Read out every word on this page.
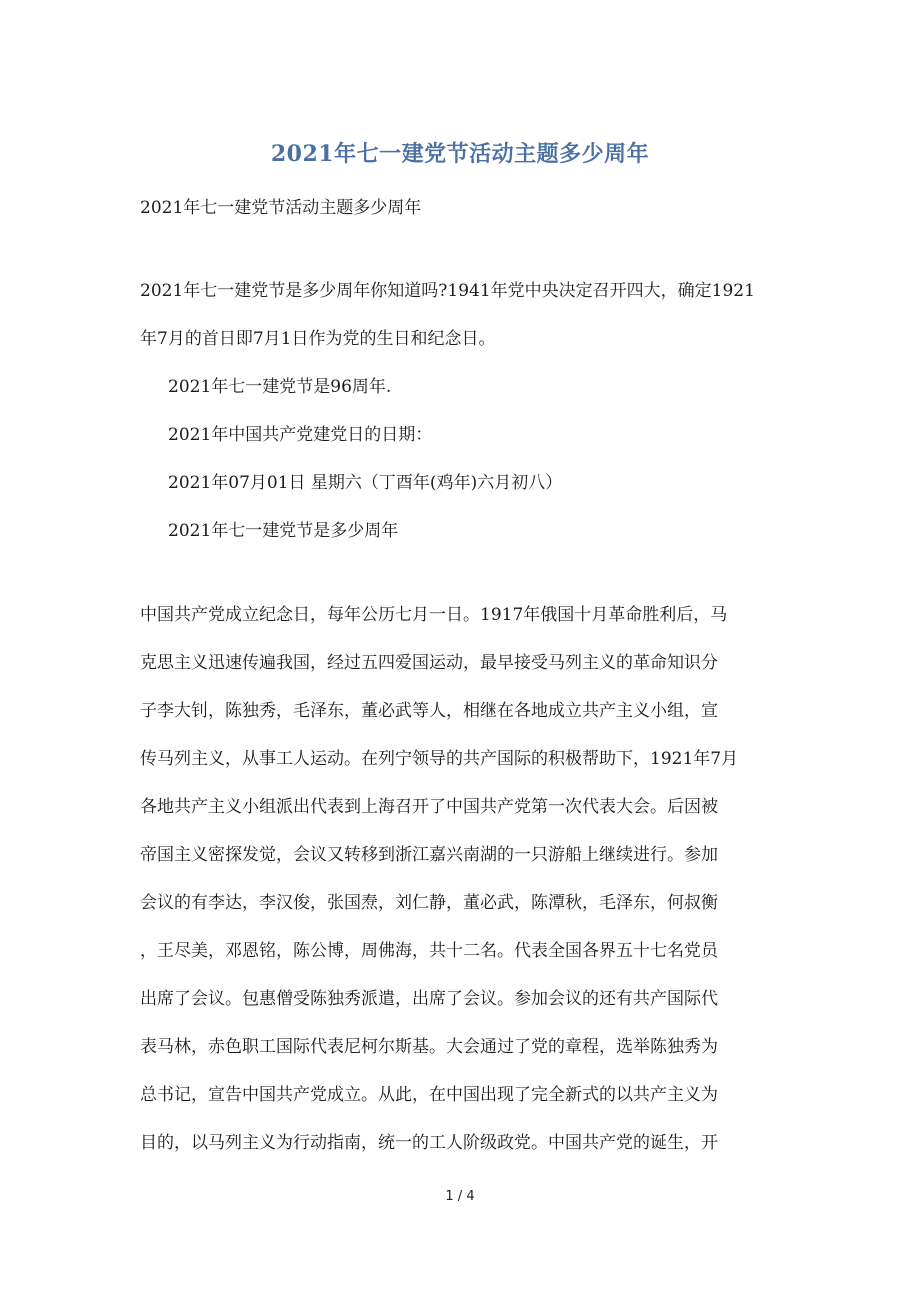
2021年七一建党节活动主题多少周年
2021年七一建党节活动主题多少周年
2021年七一建党节是多少周年你知道吗?1941年党中央决定召开四大，确定1921
年7月的首日即7月1日作为党的生日和纪念日。
2021年七一建党节是96周年.
2021年中国共产党建党日的日期：
2021年07月01日 星期六（丁酉年(鸡年)六月初八）
2021年七一建党节是多少周年
中国共产党成立纪念日，每年公历七月一日。1917年俄国十月革命胜利后，马
克思主义迅速传遍我国，经过五四爱国运动，最早接受马列主义的革命知识分
子李大钊，陈独秀，毛泽东，董必武等人，相继在各地成立共产主义小组，宣
传马列主义，从事工人运动。在列宁领导的共产国际的积极帮助下，1921年7月
各地共产主义小组派出代表到上海召开了中国共产党第一次代表大会。后因被
帝国主义密探发觉，会议又转移到浙江嘉兴南湖的一只游船上继续进行。参加
会议的有李达，李汉俊，张国焘，刘仁静，董必武，陈潭秋，毛泽东，何叔衡
，王尽美，邓恩铭，陈公博，周佛海，共十二名。代表全国各界五十七名党员
出席了会议。包惠僧受陈独秀派遣，出席了会议。参加会议的还有共产国际代
表马林，赤色职工国际代表尼柯尔斯基。大会通过了党的章程，选举陈独秀为
总书记，宣告中国共产党成立。从此，在中国出现了完全新式的以共产主义为
目的，以马列主义为行动指南，统一的工人阶级政党。中国共产党的诞生，开
1 / 4
